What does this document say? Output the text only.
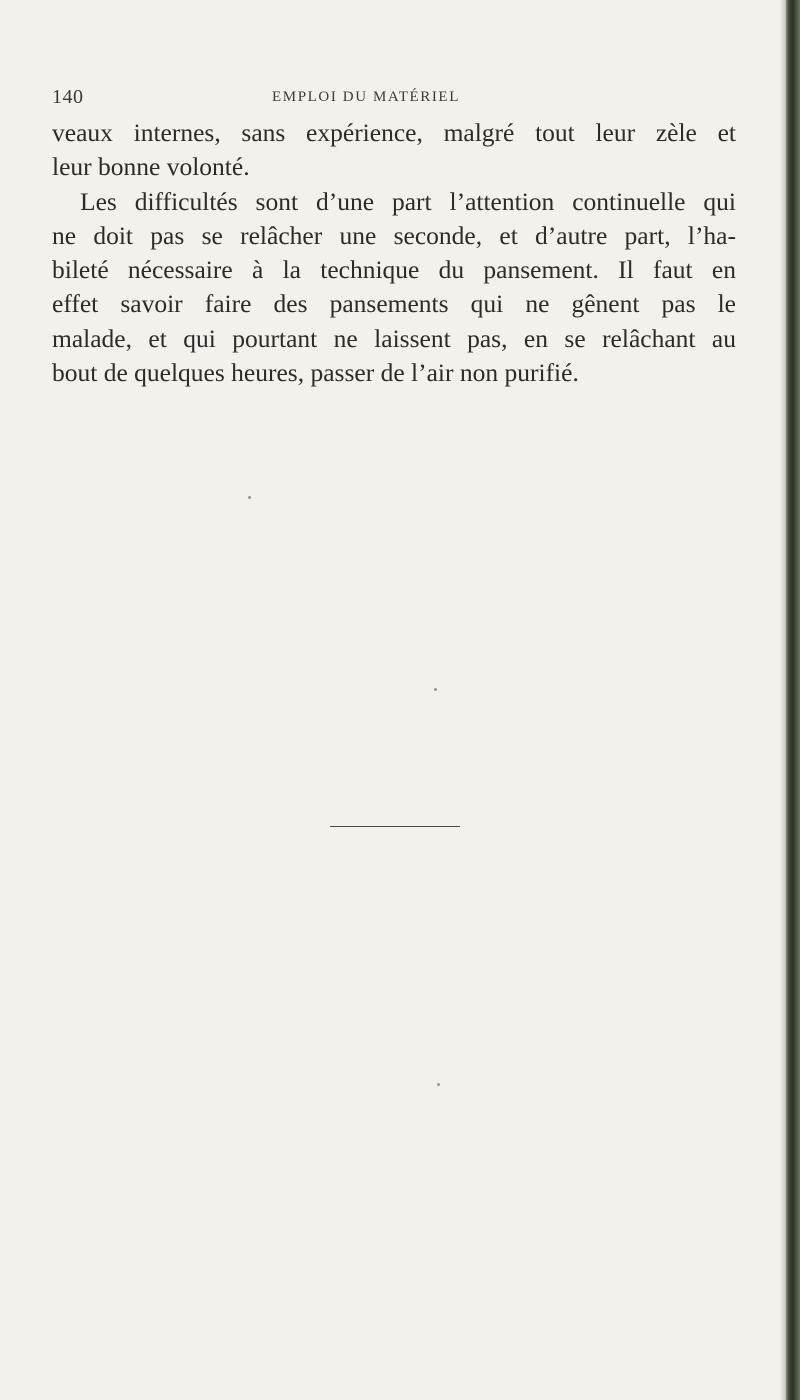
140	EMPLOI DU MATÉRIEL
veaux internes, sans expérience, malgré tout leur zèle et
leur bonne volonté.
Les difficultés sont d’une part l’attention continuelle qui
ne doit pas se relâcher une seconde, et d’autre part, l’ha-
bileté nécessaire à la technique du pansement. Il faut en
effet savoir faire des pansements qui ne gênent pas le
malade, et qui pourtant ne laissent pas, en se relâchant au
bout de quelques heures, passer de l’air non purifié.
